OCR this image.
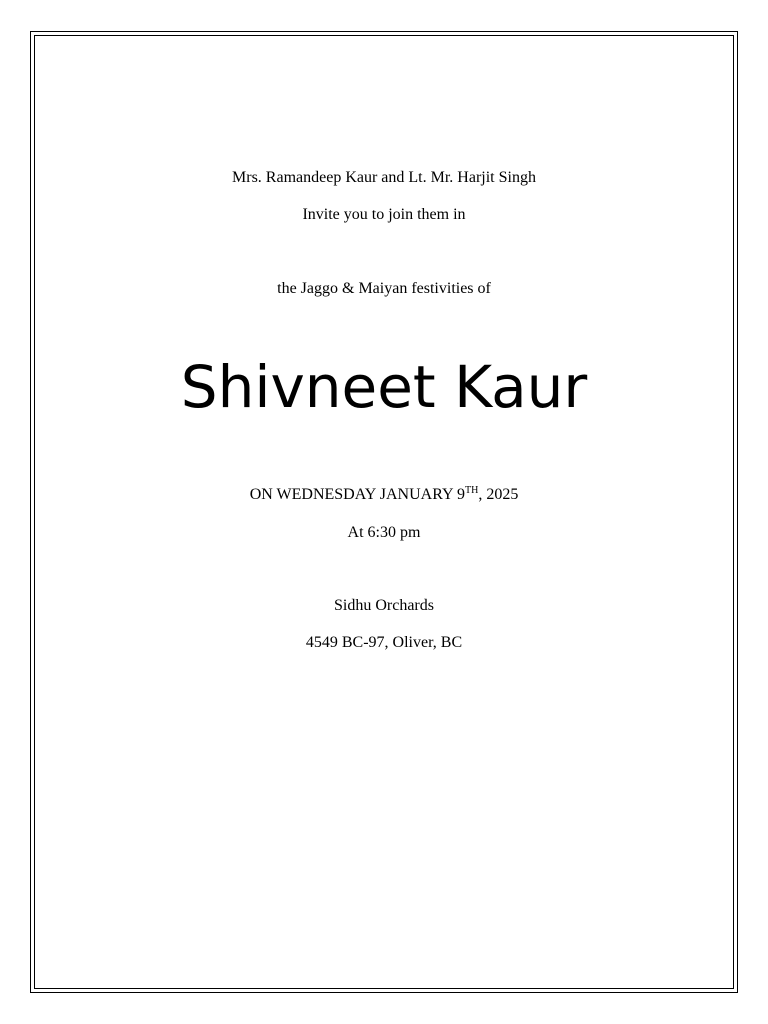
Mrs. Ramandeep Kaur and Lt. Mr. Harjit Singh
Invite you to join them in
the Jaggo & Maiyan festivities of
Shivneet Kaur
ON WEDNESDAY JANUARY 9TH, 2025
At 6:30 pm
Sidhu Orchards
4549 BC-97, Oliver, BC
